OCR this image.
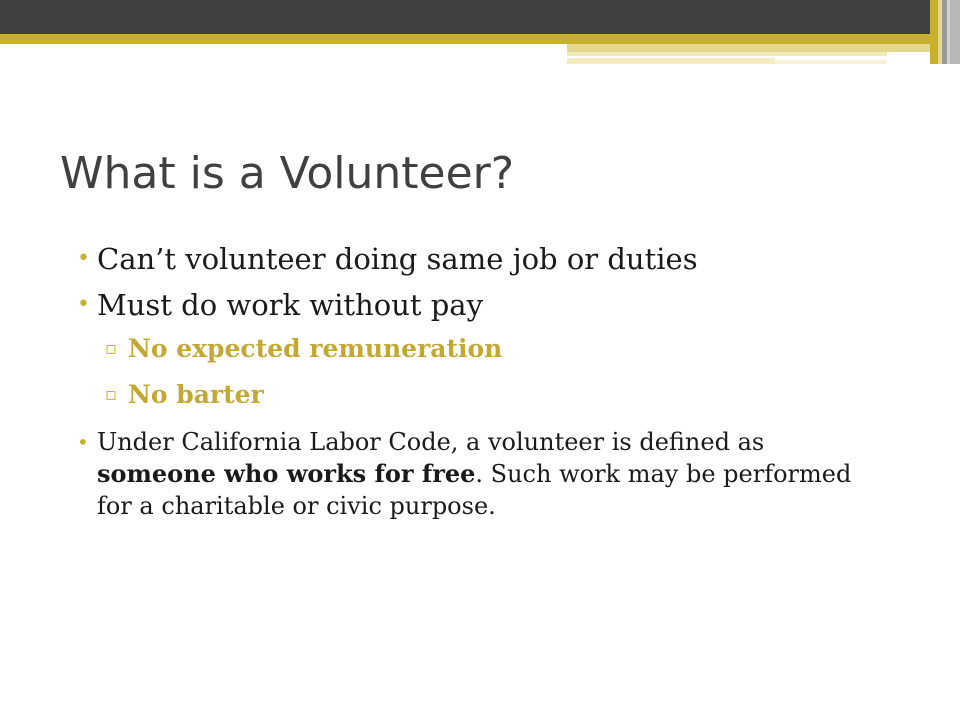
What is a Volunteer?
• Can’t volunteer doing same job or duties
• Must do work without pay
▫ No expected remuneration
▫ No barter
• Under California Labor Code, a volunteer is defined as someone who works for free. Such work may be performed for a charitable or civic purpose.
